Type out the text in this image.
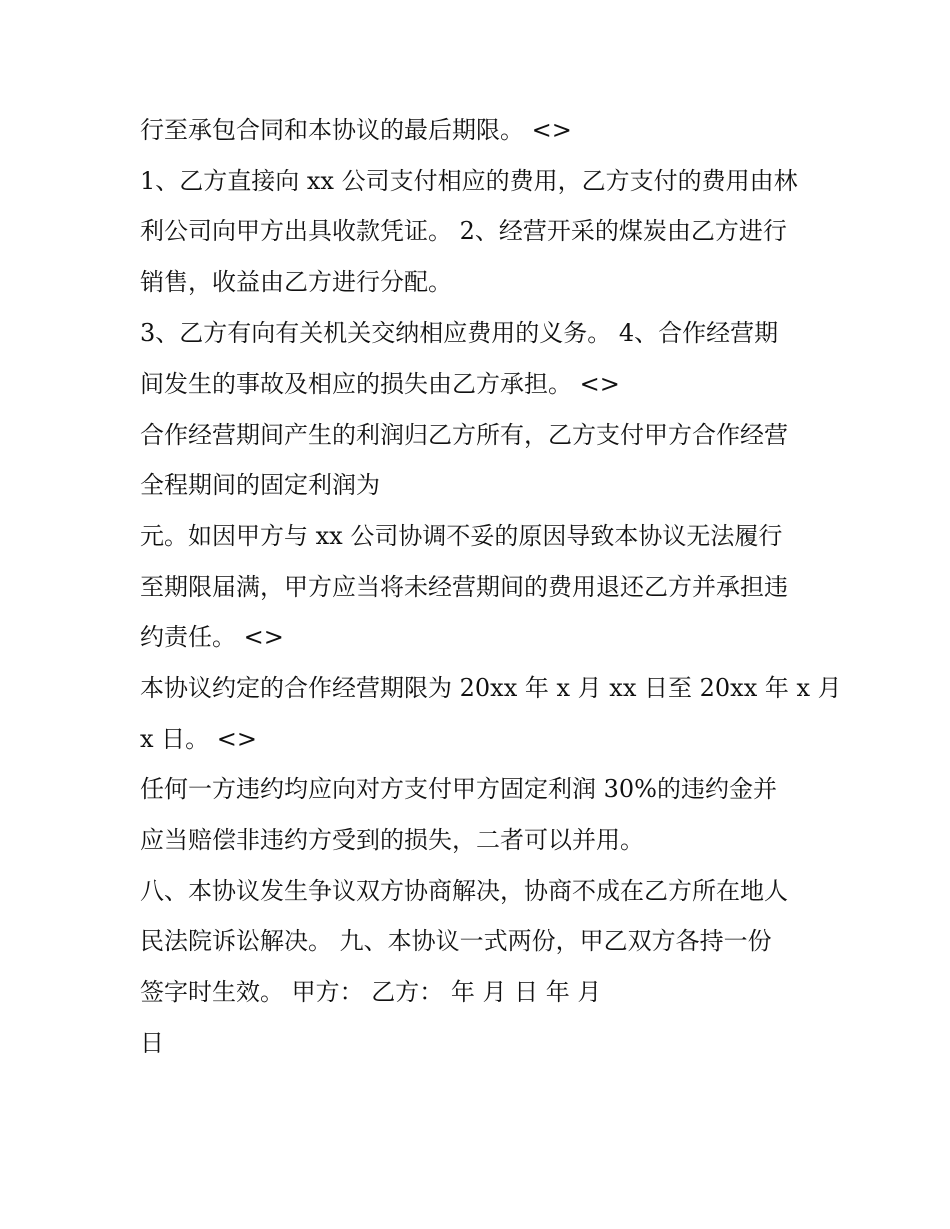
行至承包合同和本协议的最后期限。 <>
1、乙方直接向 xx 公司支付相应的费用，乙方支付的费用由林
利公司向甲方出具收款凭证。 2、经营开采的煤炭由乙方进行
销售，收益由乙方进行分配。
3、乙方有向有关机关交纳相应费用的义务。 4、合作经营期
间发生的事故及相应的损失由乙方承担。 <>
合作经营期间产生的利润归乙方所有，乙方支付甲方合作经营
全程期间的固定利润为
元。如因甲方与 xx 公司协调不妥的原因导致本协议无法履行
至期限届满，甲方应当将未经营期间的费用退还乙方并承担违
约责任。 <>
本协议约定的合作经营期限为 20xx 年 x 月 xx 日至 20xx 年 x 月
x 日。 <>
任何一方违约均应向对方支付甲方固定利润 30%的违约金并
应当赔偿非违约方受到的损失，二者可以并用。
八、本协议发生争议双方协商解决，协商不成在乙方所在地人
民法院诉讼解决。 九、本协议一式两份，甲乙双方各持一份
签字时生效。 甲方： 乙方： 年 月 日 年 月
日
